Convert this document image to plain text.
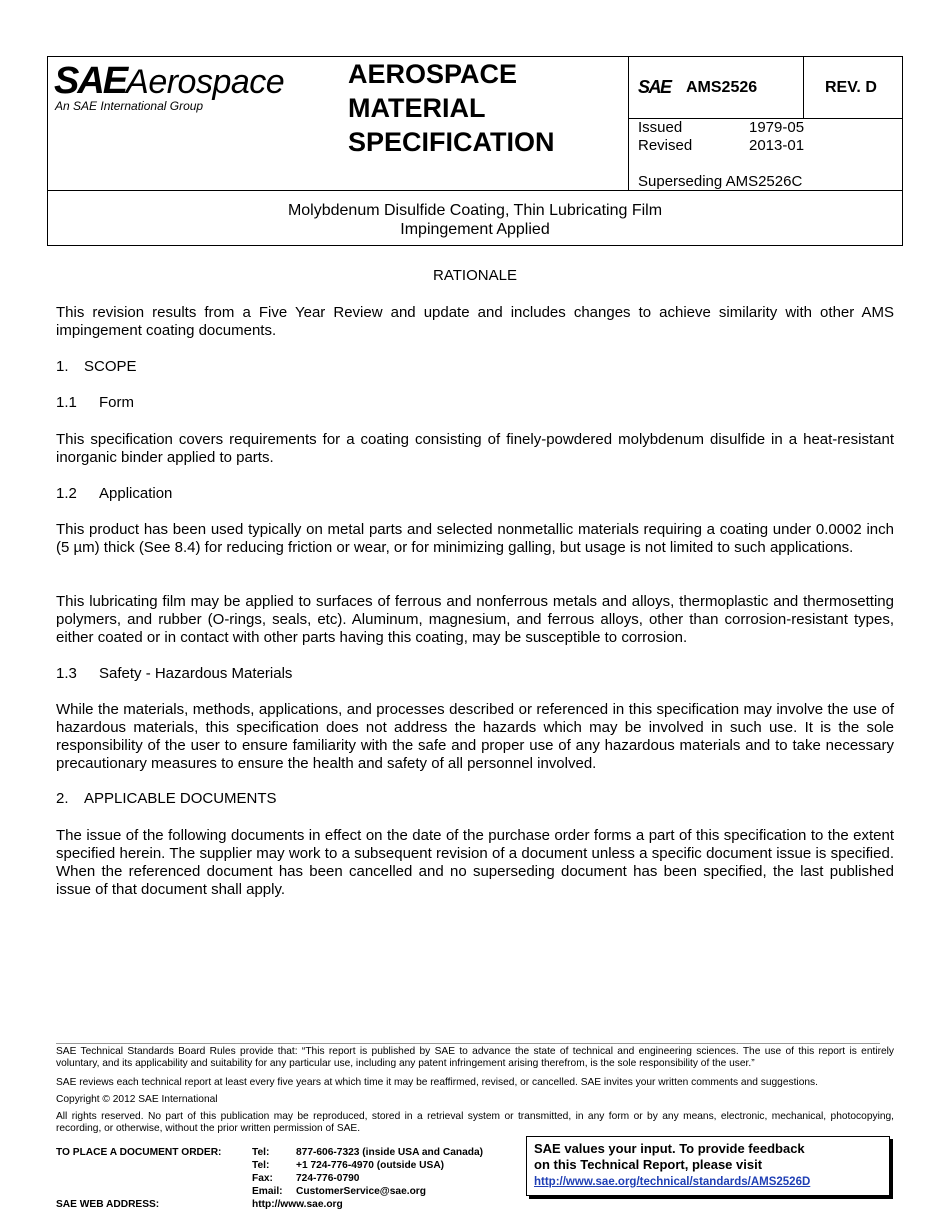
SAEAerospace
An SAE International Group
AEROSPACE
MATERIAL
SPECIFICATION
SAE AMS2526	REV. D
Issued	1979-05
Revised	2013-01
Superseding AMS2526C
Molybdenum Disulfide Coating, Thin Lubricating Film
Impingement Applied
RATIONALE

This revision results from a Five Year Review and update and includes changes to achieve similarity with other AMS impingement coating documents.

1. SCOPE
1.1 Form

This specification covers requirements for a coating consisting of finely-powdered molybdenum disulfide in a heat-resistant inorganic binder applied to parts.

1.2 Application

This product has been used typically on metal parts and selected nonmetallic materials requiring a coating under 0.0002 inch (5 µm) thick (See 8.4) for reducing friction or wear, or for minimizing galling, but usage is not limited to such applications.

This lubricating film may be applied to surfaces of ferrous and nonferrous metals and alloys, thermoplastic and thermosetting polymers, and rubber (O-rings, seals, etc). Aluminum, magnesium, and ferrous alloys, other than corrosion-resistant types, either coated or in contact with other parts having this coating, may be susceptible to corrosion.

1.3 Safety - Hazardous Materials

While the materials, methods, applications, and processes described or referenced in this specification may involve the use of hazardous materials, this specification does not address the hazards which may be involved in such use. It is the sole responsibility of the user to ensure familiarity with the safe and proper use of any hazardous materials and to take necessary precautionary measures to ensure the health and safety of all personnel involved.

2. APPLICABLE DOCUMENTS

The issue of the following documents in effect on the date of the purchase order forms a part of this specification to the extent specified herein. The supplier may work to a subsequent revision of a document unless a specific document issue is specified. When the referenced document has been cancelled and no superseding document has been specified, the last published issue of that document shall apply.

SAE Technical Standards Board Rules provide that: “This report is published by SAE to advance the state of technical and engineering sciences. The use of this report is entirely voluntary, and its applicability and suitability for any particular use, including any patent infringement arising therefrom, is the sole responsibility of the user.”

SAE reviews each technical report at least every five years at which time it may be reaffirmed, revised, or cancelled. SAE invites your written comments and suggestions.

Copyright © 2012 SAE International

All rights reserved. No part of this publication may be reproduced, stored in a retrieval system or transmitted, in any form or by any means, electronic, mechanical, photocopying, recording, or otherwise, without the prior written permission of SAE.

TO PLACE A DOCUMENT ORDER:	Tel:	877-606-7323 (inside USA and Canada)
Tel:	+1 724-776-4970 (outside USA)
Fax: 724-776-0790
Email: CustomerService@sae.org
SAE WEB ADDRESS:	http://www.sae.org
SAE values your input. To provide feedback
on this Technical Report, please visit
http://www.sae.org/technical/standards/AMS2526D
